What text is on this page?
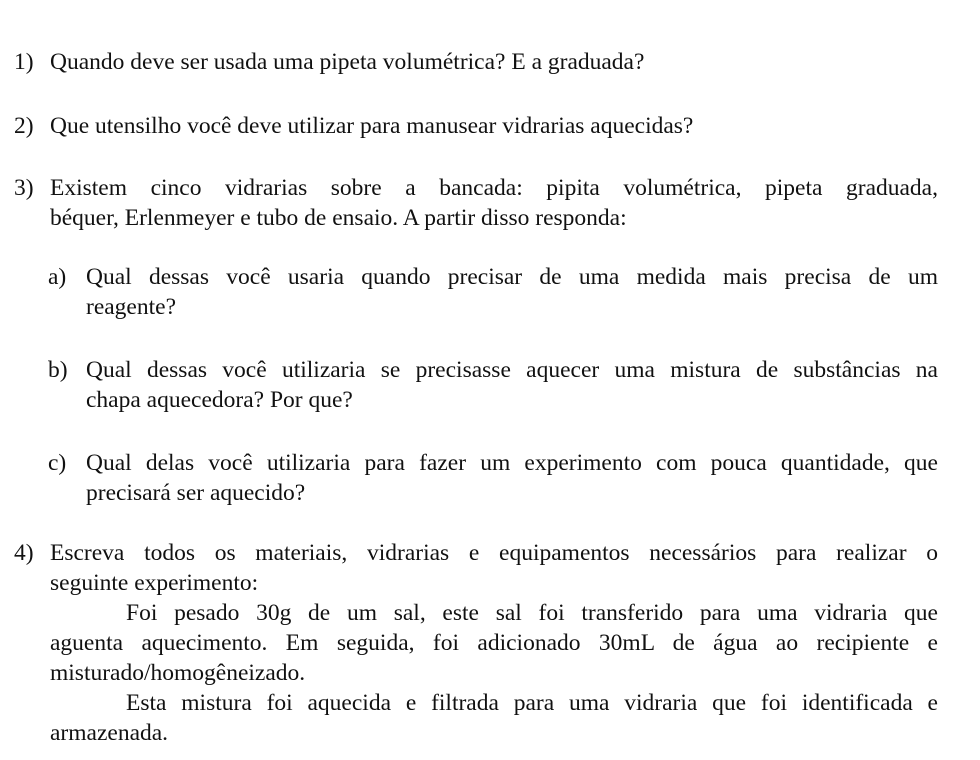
1) Quando deve ser usada uma pipeta volumétrica? E a graduada?
2) Que utensilho você deve utilizar para manusear vidrarias aquecidas?
3) Existem cinco vidrarias sobre a bancada: pipita volumétrica, pipeta graduada,
béquer, Erlenmeyer e tubo de ensaio. A partir disso responda:
a) Qual dessas você usaria quando precisar de uma medida mais precisa de um
reagente?
b) Qual dessas você utilizaria se precisasse aquecer uma mistura de substâncias na
chapa aquecedora? Por que?
c) Qual delas você utilizaria para fazer um experimento com pouca quantidade, que
precisará ser aquecido?
4) Escreva todos os materiais, vidrarias e equipamentos necessários para realizar o
seguinte experimento:
Foi pesado 30g de um sal, este sal foi transferido para uma vidraria que
aguenta aquecimento. Em seguida, foi adicionado 30mL de água ao recipiente e
misturado/homogêneizado.
Esta mistura foi aquecida e filtrada para uma vidraria que foi identificada e
armazenada.
